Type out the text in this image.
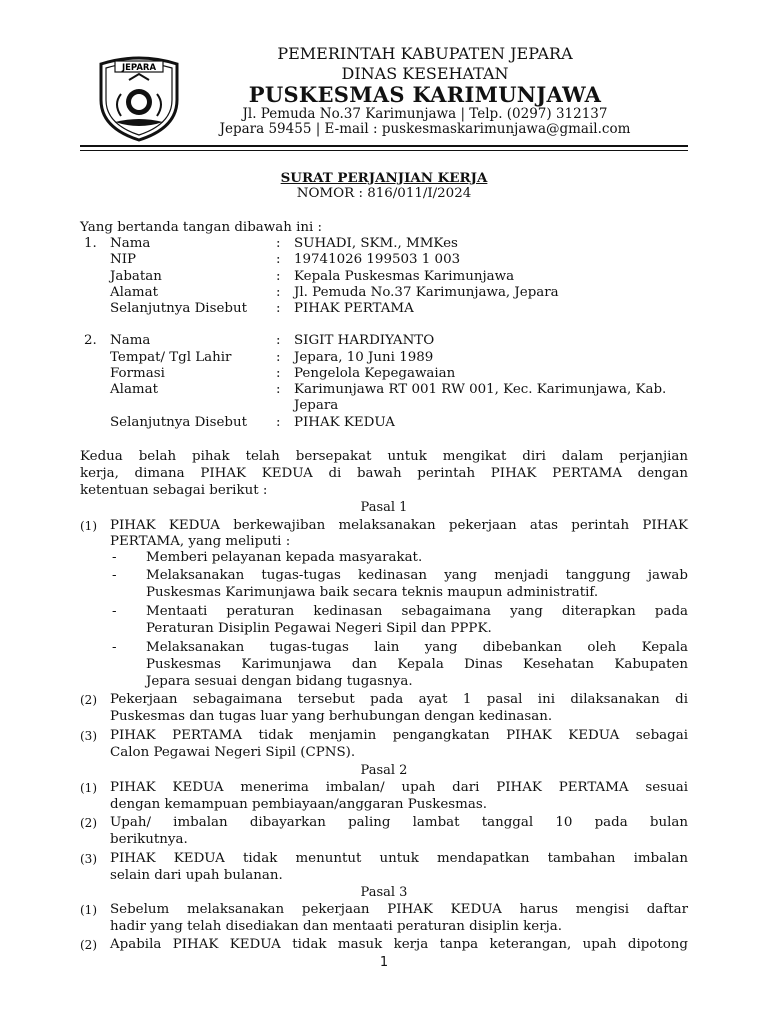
JEPARA
PEMERINTAH KABUPATEN JEPARA
DINAS KESEHATAN
PUSKESMAS KARIMUNJAWA
Jl. Pemuda No.37 Karimunjawa | Telp. (0297) 312137
Jepara 59455 | E-mail : puskesmaskarimunjawa@gmail.com
SURAT PERJANJIAN KERJA
NOMOR : 816/011/I/2024
Yang bertanda tangan dibawah ini :
1. Nama	: SUHADI, SKM., MMKes
NIP	: 19741026 199503 1 003
Jabatan	: Kepala Puskesmas Karimunjawa
Alamat	: Jl. Pemuda No.37 Karimunjawa, Jepara
Selanjutnya Disebut : PIHAK PERTAMA
2. Nama	: SIGIT HARDIYANTO
Tempat/ Tgl Lahir	: Jepara, 10 Juni 1989
Formasi	: Pengelola Kepegawaian
Alamat	: Karimunjawa RT 001 RW 001, Kec. Karimunjawa, Kab.
Jepara
Selanjutnya Disebut : PIHAK KEDUA
Kedua belah pihak telah bersepakat untuk mengikat diri dalam perjanjian
kerja, dimana PIHAK KEDUA di bawah perintah PIHAK PERTAMA dengan
ketentuan sebagai berikut :
Pasal 1
(1) PIHAK KEDUA berkewajiban melaksanakan pekerjaan atas perintah PIHAK
PERTAMA, yang meliputi :
- Memberi pelayanan kepada masyarakat.
- Melaksanakan tugas-tugas kedinasan yang menjadi tanggung jawab
Puskesmas Karimunjawa baik secara teknis maupun administratif.
- Mentaati peraturan kedinasan sebagaimana yang diterapkan pada
Peraturan Disiplin Pegawai Negeri Sipil dan PPPK.
- Melaksanakan tugas-tugas lain yang dibebankan oleh Kepala
Puskesmas Karimunjawa dan Kepala Dinas Kesehatan Kabupaten
Jepara sesuai dengan bidang tugasnya.
(2) Pekerjaan sebagaimana tersebut pada ayat 1 pasal ini dilaksanakan di
Puskesmas dan tugas luar yang berhubungan dengan kedinasan.
(3) PIHAK PERTAMA tidak menjamin pengangkatan PIHAK KEDUA sebagai
Calon Pegawai Negeri Sipil (CPNS).
Pasal 2
(1) PIHAK KEDUA menerima imbalan/ upah dari PIHAK PERTAMA sesuai
dengan kemampuan pembiayaan/anggaran Puskesmas.
(2) Upah/ imbalan dibayarkan paling lambat tanggal 10 pada bulan
berikutnya.
(3) PIHAK KEDUA tidak menuntut untuk mendapatkan tambahan imbalan
selain dari upah bulanan.
Pasal 3
(1) Sebelum melaksanakan pekerjaan PIHAK KEDUA harus mengisi daftar
hadir yang telah disediakan dan mentaati peraturan disiplin kerja.
(2) Apabila PIHAK KEDUA tidak masuk kerja tanpa keterangan, upah dipotong
1
